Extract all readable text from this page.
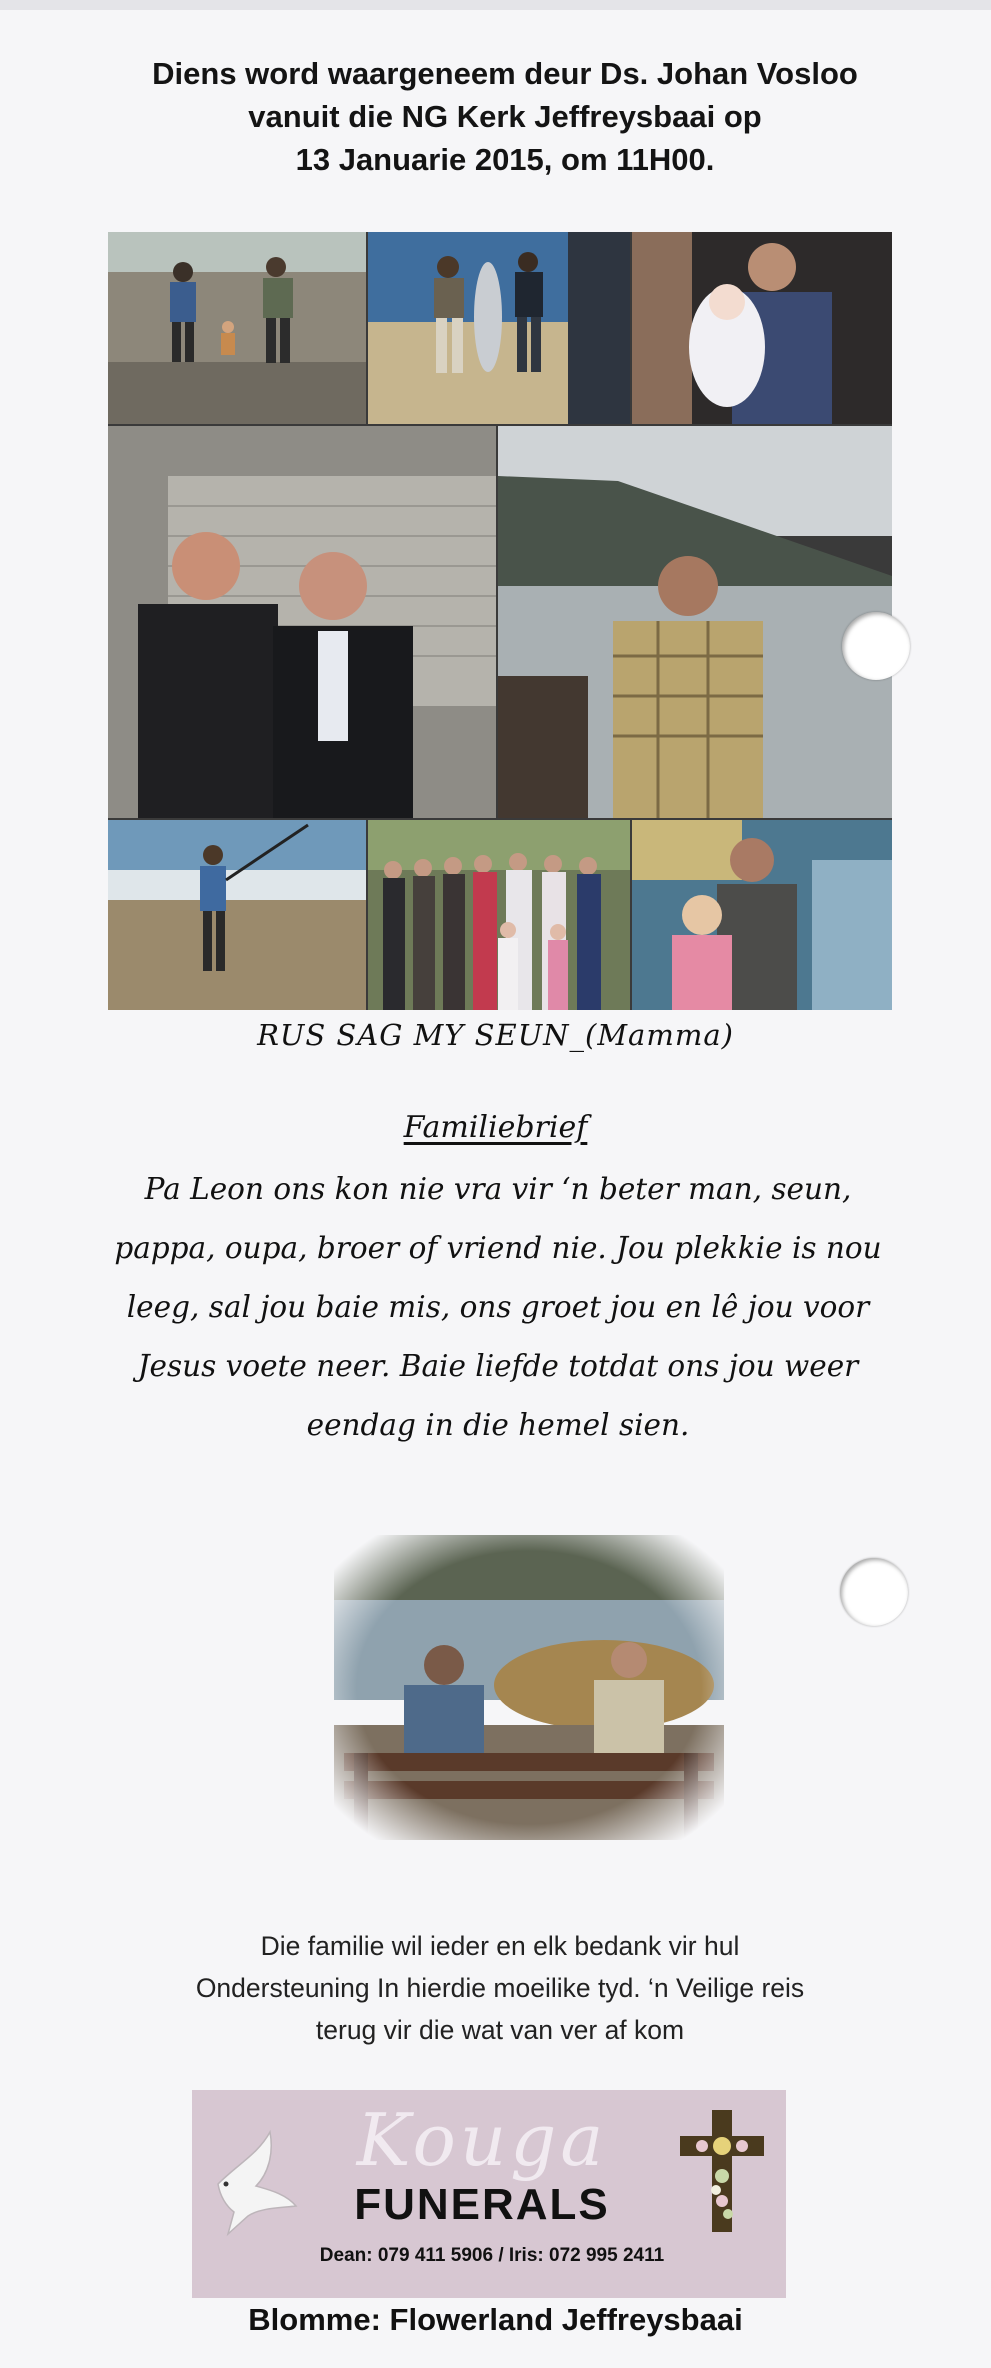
Diens word waargeneem deur Ds. Johan Vosloo
vanuit die NG Kerk Jeffreysbaai op
13 Januarie 2015, om 11H00.
RUS SAG MY SEUN_(Mamma)
Familiebrief
Pa Leon ons kon nie vra vir ‘n beter man, seun,
pappa, oupa, broer of vriend nie. Jou plekkie is nou
leeg, sal jou baie mis, ons groet jou en lê jou voor
Jesus voete neer. Baie liefde totdat ons jou weer
eendag in die hemel sien.
Die familie wil ieder en elk bedank vir hul
Ondersteuning In hierdie moeilike tyd. ‘n Veilige reis
terug vir die wat van ver af kom
Kouga
FUNERALS
Dean: 079 411 5906 / Iris: 072 995 2411
Blomme: Flowerland Jeffreysbaai
